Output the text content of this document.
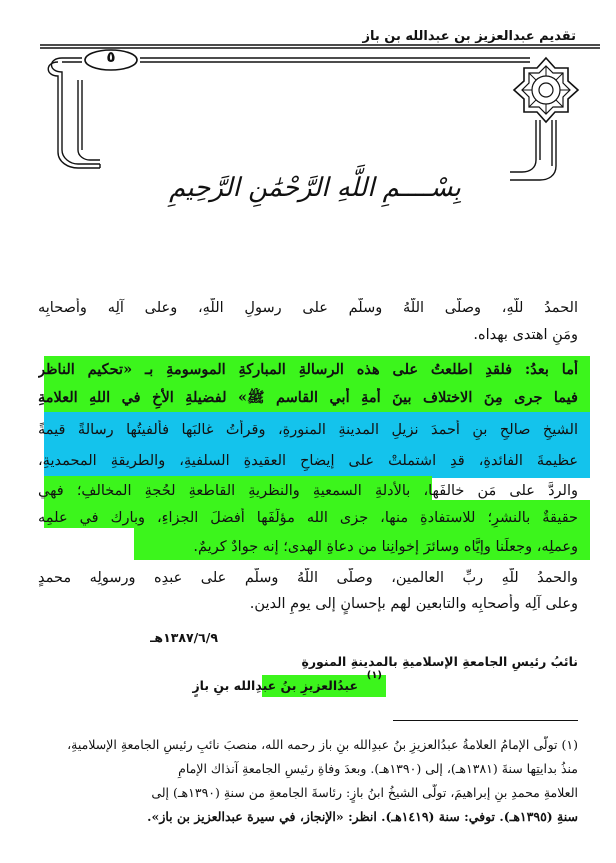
تقديم عبدالعزيز بن عبدالله بن باز
٥
بِسْــــمِ اللَّهِ الرَّحْمَٰنِ الرَّحِيمِ
الحمدُ للَّهِ، وصلَّى اللَّهُ وسلَّم على رسولِ اللَّهِ، وعلى آلِه وأصحابِه
ومَنِ اهتدى بهداه.
أما بعدُ: فلقدِ اطلعتُ على هذه الرسالةِ المباركةِ الموسومةِ بـ «تحكيم الناظر
فيما جرى مِنَ الاختلاف بينَ أمةِ أبي القاسم ﷺ» لفضيلةِ الأخِ في اللهِ العلامةِ
الشيخِ صالحِ بنِ أحمدَ نزيلِ المدينةِ المنورةِ، وقرأتُ غالبَها فألفيتُها رسالةً قيمةً
عظيمةَ الفائدةِ، قدِ اشتملتْ على إيضاحِ العقيدةِ السلفيةِ، والطريقةِ المحمديةِ،
والردَّ على مَن خالفَها، بالأدلةِ السمعيةِ والنظريةِ القاطعةِ لحُجةِ المخالفِ؛ فهي
حقيقةٌ بالنشرِ؛ للاستفادةِ منها، جزى الله مؤلِّفَها أفضلَ الجزاءِ، وبارك في علمِه
وعملِه، وجعلَنا وإيَّاه وسائرَ إخوانِنا من دعاةِ الهدى؛ إنه جوادٌ كريمٌ.
والحمدُ للَّهِ ربِّ العالمين، وصلَّى اللَّهُ وسلَّم على عبدِه ورسولِه محمدٍ
وعلى آلِه وأصحابِه والتابعين لهم بإحسانٍ إلى يومِ الدين.
١٣٨٧/٦/٩هـ
نائبُ رئيسِ الجامعةِ الإسلاميةِ بالمدينةِ المنورةِ
عبدُالعزيزِ بنُ عبدِالله بنِ بازٍ
(١)
(١) تولَّى الإمامُ العلامةُ عبدُالعزيزِ بنُ عبدِالله بنِ باز رحمه الله، منصبَ نائبِ رئيسِ الجامعةِ الإسلاميةِ،
منذُ بدايتِها سنةَ (١٣٨١هـ)، إلى (١٣٩٠هـ). وبعدَ وفاةِ رئيسِ الجامعةِ آنذاك الإمامِ
العلامةِ محمدِ بنِ إبراهيمَ، تولَّى الشيخُ ابنُ بازٍ: رئاسةَ الجامعةِ من سنةِ (١٣٩٠هـ) إلى
سنةِ (١٣٩٥هـ). توفي: سنة (١٤١٩هـ). انظر: «الإنجاز، في سيرة عبدالعزيز بن باز».
